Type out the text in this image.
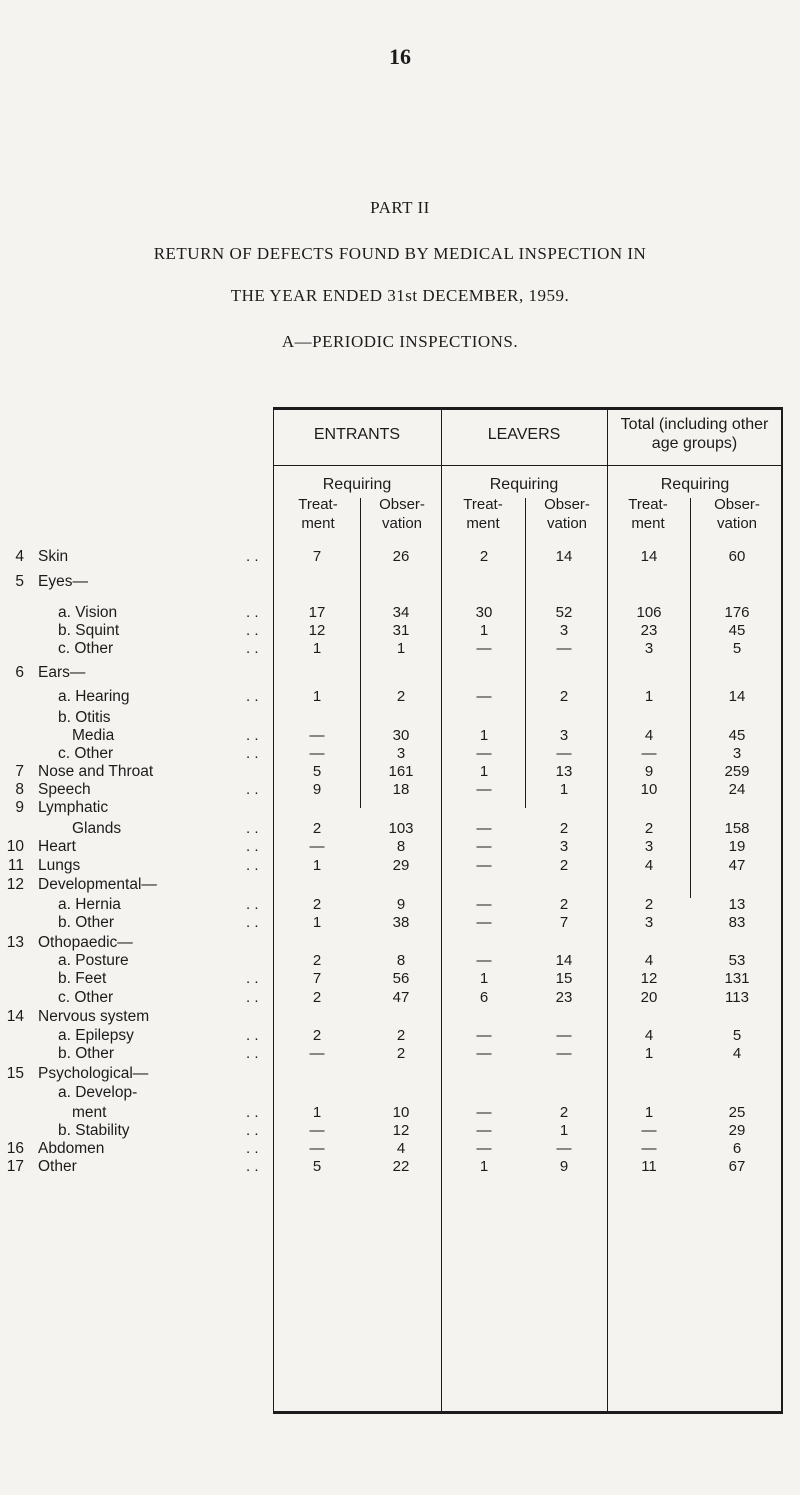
16
PART II
RETURN OF DEFECTS FOUND BY MEDICAL INSPECTION IN
THE YEAR ENDED 31st DECEMBER, 1959.
A—PERIODIC INSPECTIONS.
ENTRANTS	LEAVERS
Total (including other age groups)
Requiring	Requiring	Requiring
Treat- ment
Obser- vation
Treat- ment
Obser- vation
Treat- ment
Obser- vation
4 Skin	. .	7	26	2	14	14	60
5 Eyes—
a. Vision	. .	17	34	30	52	106	176
b. Squint	. .	12	31	1	3	23	45
c. Other	. .	1	1	—	—	3	5
6 Ears—
a. Hearing	. .	1	2	—	2	1	14
b. Otitis
Media	. .	—	30	1	3	4	45
c. Other	. .	—	3	—	—	—	3
7 Nose and Throat	5	161	1	13	9	259
8 Speech	. .	9	18	—	1	10	24
9 Lymphatic
Glands	. .	2	103	—	2	2	158
10 Heart	. .	—	8	—	3	3	19
11 Lungs	. .	1	29	—	2	4	47
12 Developmental—
a. Hernia	. .	2	9	—	2	2	13
b. Other	. .	1	38	—	7	3	83
13 Othopaedic—
a. Posture	2	8	—	14	4	53
b. Feet	. .	7	56	1	15	12	131
c. Other	. .	2	47	6	23	20	113
14 Nervous system
a. Epilepsy	. .	2	2	—	—	4	5
b. Other	. .	—	2	—	—	1	4
15 Psychological—
a. Develop-
ment	. .	1	10	—	2	1	25
b. Stability	. .	—	12	—	1	—	29
16 Abdomen	. .	—	4	—	—	—	6
17 Other	. .	5	22	1	9	11	67
